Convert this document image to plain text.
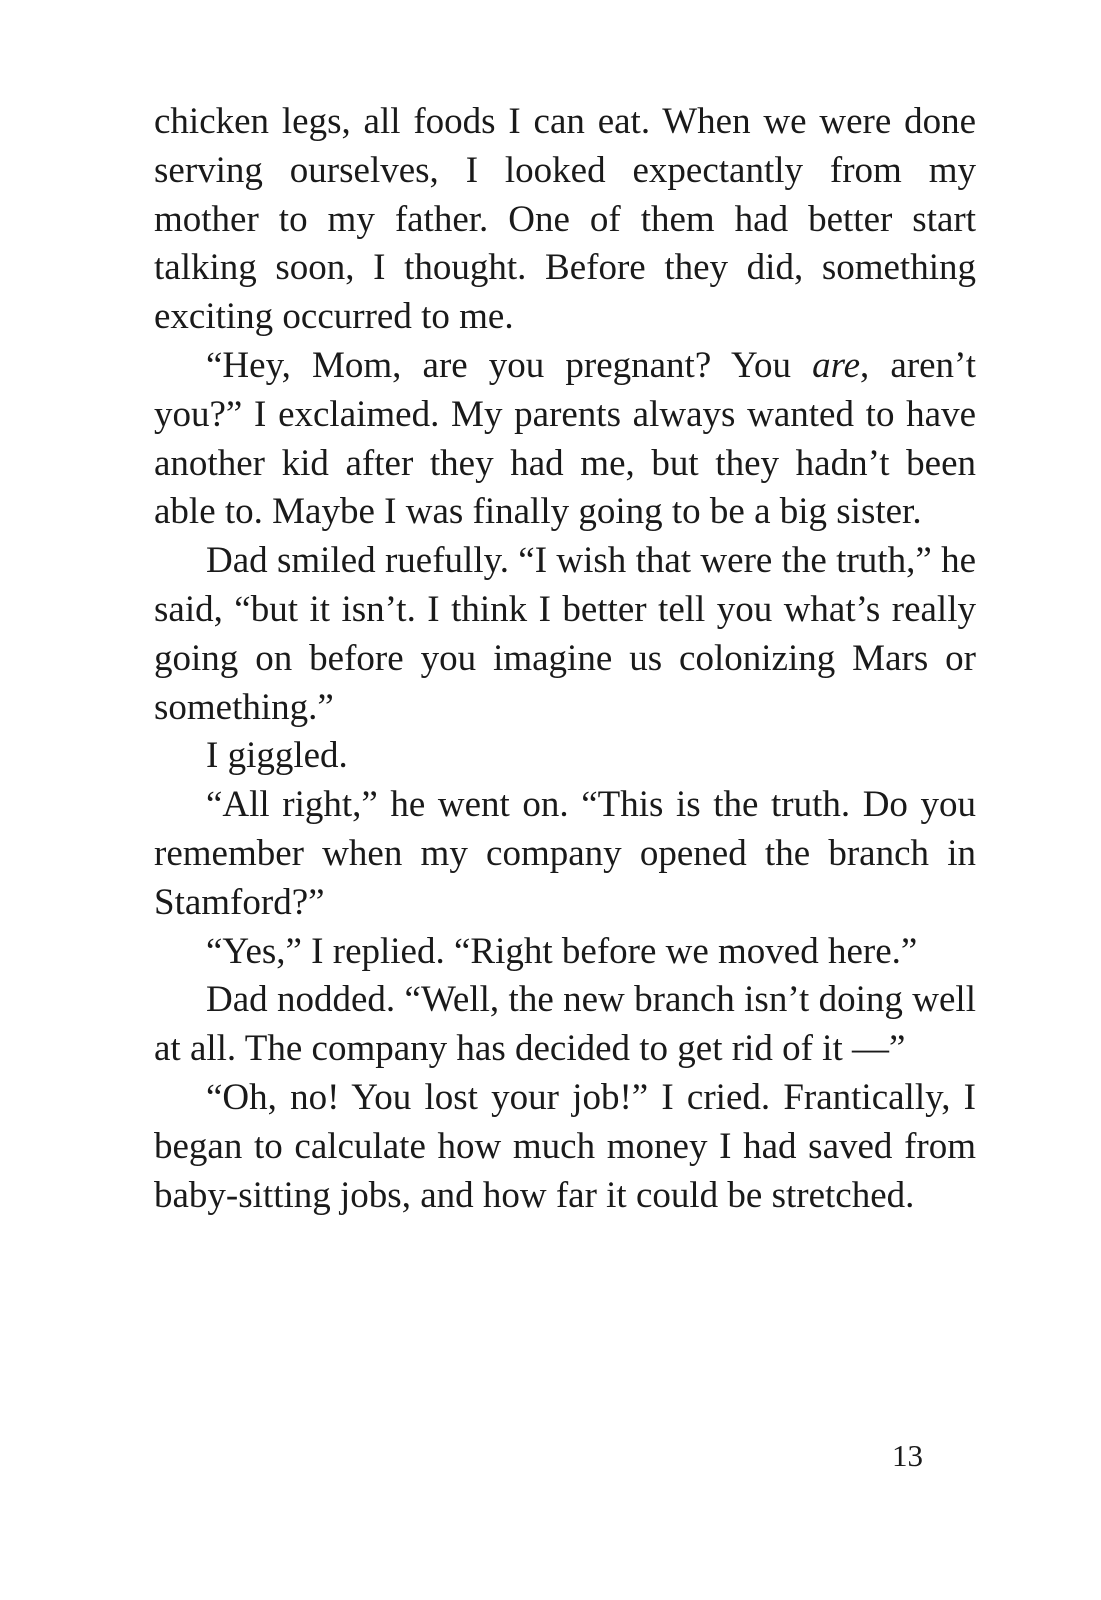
chicken legs, all foods I can eat. When we were done serving ourselves, I looked expectantly from my mother to my father. One of them had better start talking soon, I thought. Before they did, something exciting occurred to me.

“Hey, Mom, are you pregnant? You are, aren’t you?” I exclaimed. My parents always wanted to have another kid after they had me, but they hadn’t been able to. Maybe I was finally going to be a big sister.

Dad smiled ruefully. “I wish that were the truth,” he said, “but it isn’t. I think I better tell you what’s really going on before you imagine us colonizing Mars or something.”

I giggled.

“All right,” he went on. “This is the truth. Do you remember when my company opened the branch in Stamford?”

“Yes,” I replied. “Right before we moved here.”

Dad nodded. “Well, the new branch isn’t doing well at all. The company has decided to get rid of it —”

“Oh, no! You lost your job!” I cried. Frantically, I began to calculate how much money I had saved from baby-sitting jobs, and how far it could be stretched.

13
